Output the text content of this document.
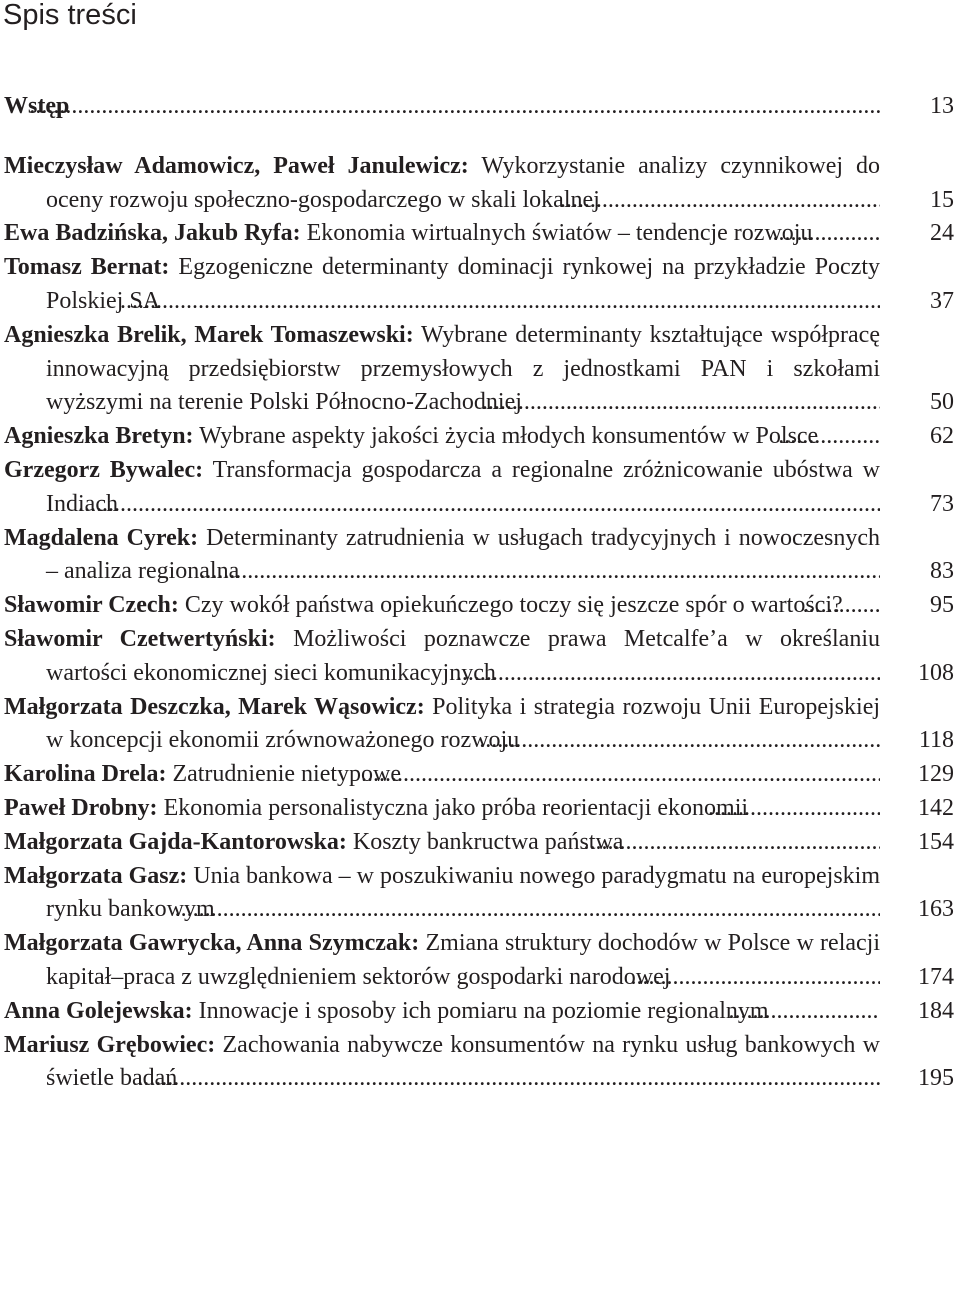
Spis treści
Wstęp	13
Mieczysław Adamowicz, Paweł Janulewicz: Wykorzystanie analizy czynnikowej do oceny rozwoju społeczno-gospodarczego w skali lokalnej	15
Ewa Badzińska, Jakub Ryfa: Ekonomia wirtualnych światów – tendencje rozwoju	24
Tomasz Bernat: Egzogeniczne determinanty dominacji rynkowej na przykładzie Poczty Polskiej SA	37
Agnieszka Brelik, Marek Tomaszewski: Wybrane determinanty kształtujące współpracę innowacyjną przedsiębiorstw przemysłowych z jednostkami PAN i szkołami wyższymi na terenie Polski Północno-Zachodniej	50
Agnieszka Bretyn: Wybrane aspekty jakości życia młodych konsumentów w Polsce	62
Grzegorz Bywalec: Transformacja gospodarcza a regionalne zróżnicowanie ubóstwa w Indiach	73
Magdalena Cyrek: Determinanty zatrudnienia w usługach tradycyjnych i nowoczesnych – analiza regionalna	83
Sławomir Czech: Czy wokół państwa opiekuńczego toczy się jeszcze spór o wartości?	95
Sławomir Czetwertyński: Możliwości poznawcze prawa Metcalfe’a w określaniu wartości ekonomicznej sieci komunikacyjnych	108
Małgorzata Deszczka, Marek Wąsowicz: Polityka i strategia rozwoju Unii Europejskiej w koncepcji ekonomii zrównoważonego rozwoju	118
Karolina Drela: Zatrudnienie nietypowe	129
Paweł Drobny: Ekonomia personalistyczna jako próba reorientacji ekonomii	142
Małgorzata Gajda-Kantorowska: Koszty bankructwa państwa	154
Małgorzata Gasz: Unia bankowa – w poszukiwaniu nowego paradygmatu na europejskim rynku bankowym	163
Małgorzata Gawrycka, Anna Szymczak: Zmiana struktury dochodów w Polsce w relacji kapitał–praca z uwzględnieniem sektorów gospodarki narodowej	174
Anna Golejewska: Innowacje i sposoby ich pomiaru na poziomie regionalnym	184
Mariusz Grębowiec: Zachowania nabywcze konsumentów na rynku usług bankowych w świetle badań	195
